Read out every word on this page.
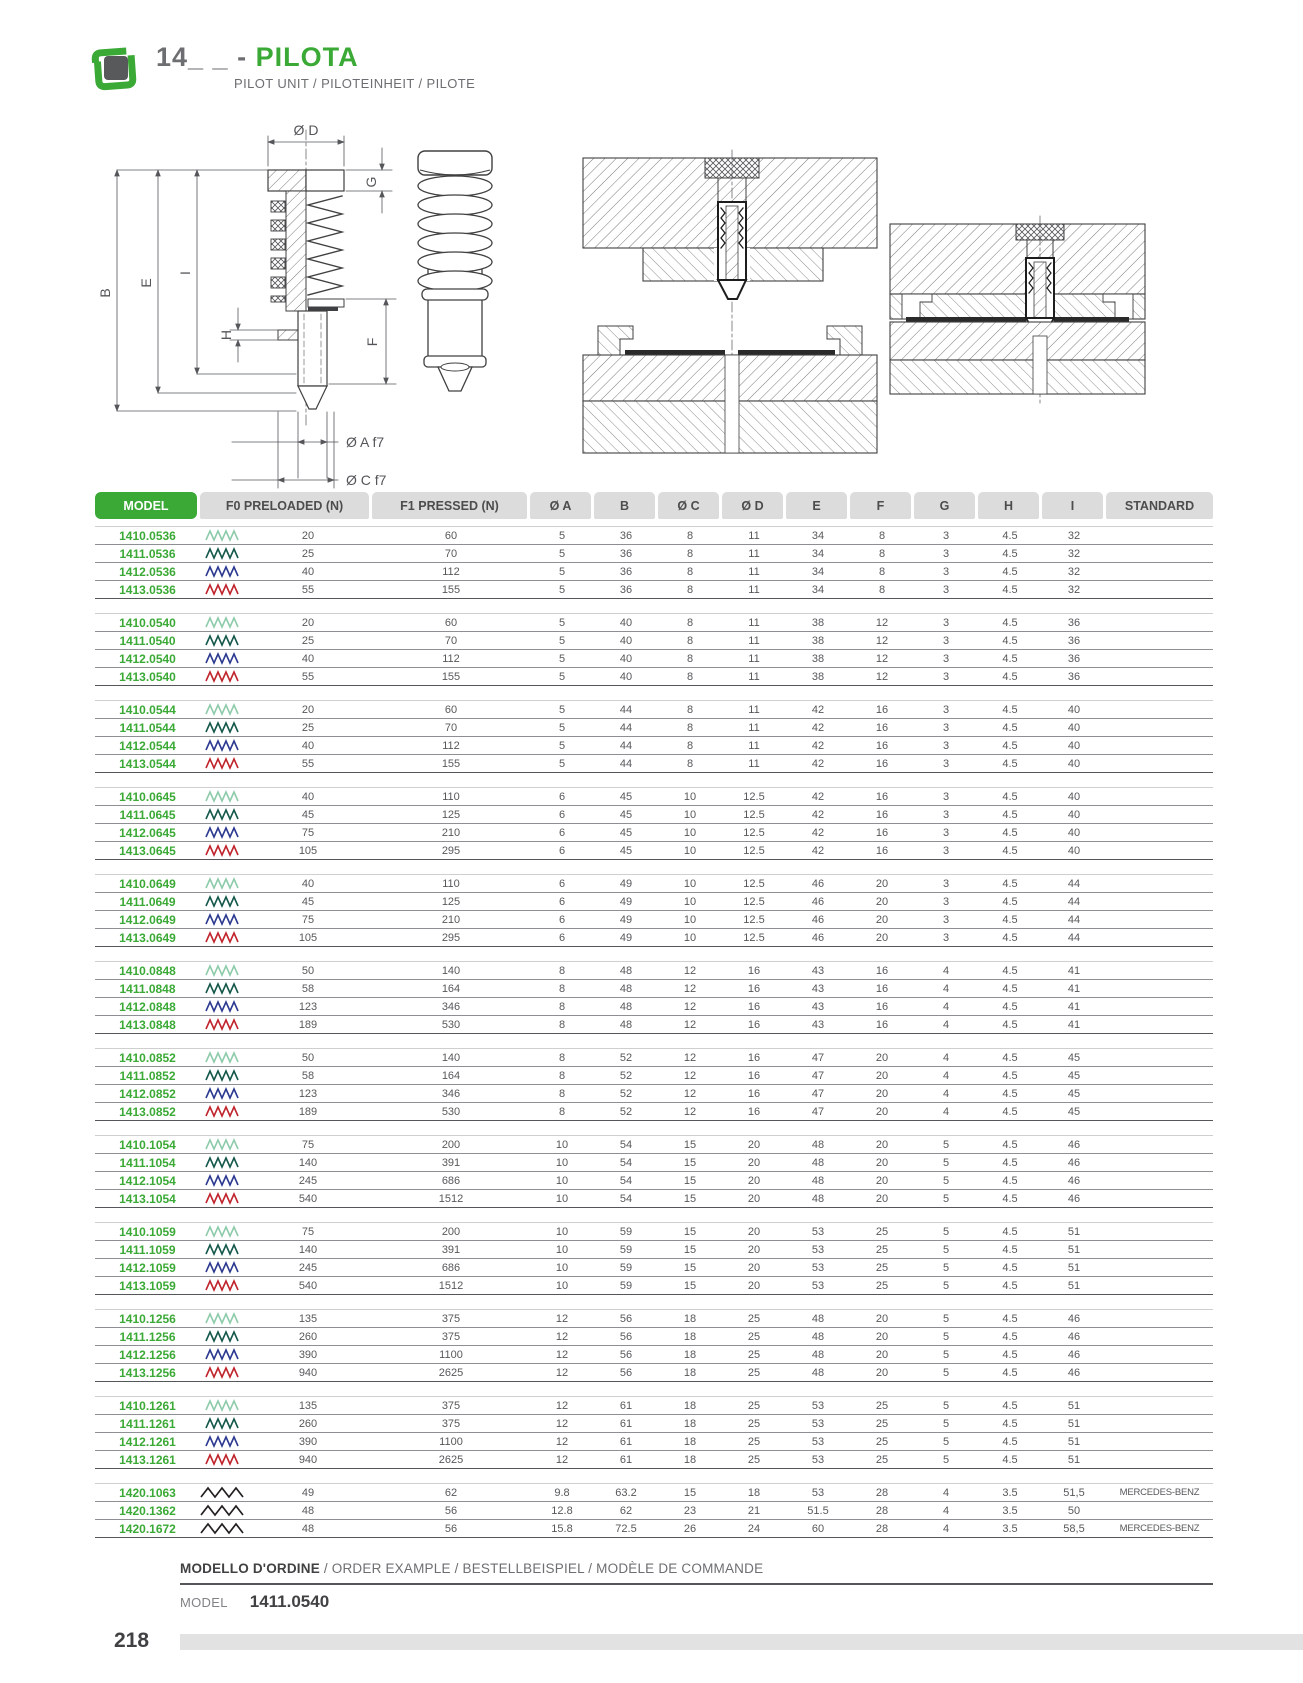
14_ _ - PILOTA
PILOT UNIT / PILOTEINHEIT / PILOTE
Ø D
B
E
I
H
G
F
Ø A f7
Ø C f7
MODEL	F0 PRELOADED (N)	F1 PRESSED (N)	Ø A	B	Ø C	Ø D	E	F	G	H	I	STANDARD
1410.0536	20	60	5	36	8	11	34	8	3	4.5	32
1411.0536	25	70	5	36	8	11	34	8	3	4.5	32
1412.0536	40	112	5	36	8	11	34	8	3	4.5	32
1413.0536	55	155	5	36	8	11	34	8	3	4.5	32
1410.0540	20	60	5	40	8	11	38	12	3	4.5	36
1411.0540	25	70	5	40	8	11	38	12	3	4.5	36
1412.0540	40	112	5	40	8	11	38	12	3	4.5	36
1413.0540	55	155	5	40	8	11	38	12	3	4.5	36
1410.0544	20	60	5	44	8	11	42	16	3	4.5	40
1411.0544	25	70	5	44	8	11	42	16	3	4.5	40
1412.0544	40	112	5	44	8	11	42	16	3	4.5	40
1413.0544	55	155	5	44	8	11	42	16	3	4.5	40
1410.0645	40	110	6	45	10	12.5	42	16	3	4.5	40
1411.0645	45	125	6	45	10	12.5	42	16	3	4.5	40
1412.0645	75	210	6	45	10	12.5	42	16	3	4.5	40
1413.0645	105	295	6	45	10	12.5	42	16	3	4.5	40
1410.0649	40	110	6	49	10	12.5	46	20	3	4.5	44
1411.0649	45	125	6	49	10	12.5	46	20	3	4.5	44
1412.0649	75	210	6	49	10	12.5	46	20	3	4.5	44
1413.0649	105	295	6	49	10	12.5	46	20	3	4.5	44
1410.0848	50	140	8	48	12	16	43	16	4	4.5	41
1411.0848	58	164	8	48	12	16	43	16	4	4.5	41
1412.0848	123	346	8	48	12	16	43	16	4	4.5	41
1413.0848	189	530	8	48	12	16	43	16	4	4.5	41
1410.0852	50	140	8	52	12	16	47	20	4	4.5	45
1411.0852	58	164	8	52	12	16	47	20	4	4.5	45
1412.0852	123	346	8	52	12	16	47	20	4	4.5	45
1413.0852	189	530	8	52	12	16	47	20	4	4.5	45
1410.1054	75	200	10	54	15	20	48	20	5	4.5	46
1411.1054	140	391	10	54	15	20	48	20	5	4.5	46
1412.1054	245	686	10	54	15	20	48	20	5	4.5	46
1413.1054	540	1512	10	54	15	20	48	20	5	4.5	46
1410.1059	75	200	10	59	15	20	53	25	5	4.5	51
1411.1059	140	391	10	59	15	20	53	25	5	4.5	51
1412.1059	245	686	10	59	15	20	53	25	5	4.5	51
1413.1059	540	1512	10	59	15	20	53	25	5	4.5	51
1410.1256	135	375	12	56	18	25	48	20	5	4.5	46
1411.1256	260	375	12	56	18	25	48	20	5	4.5	46
1412.1256	390	1100	12	56	18	25	48	20	5	4.5	46
1413.1256	940	2625	12	56	18	25	48	20	5	4.5	46
1410.1261	135	375	12	61	18	25	53	25	5	4.5	51
1411.1261	260	375	12	61	18	25	53	25	5	4.5	51
1412.1261	390	1100	12	61	18	25	53	25	5	4.5	51
1413.1261	940	2625	12	61	18	25	53	25	5	4.5	51
1420.1063	49	62	9.8	63.2	15	18	53	28	4	3.5	51,5	MERCEDES-BENZ
1420.1362	48	56	12.8	62	23	21	51.5	28	4	3.5	50
1420.1672	48	56	15.8	72.5	26	24	60	28	4	3.5	58,5	MERCEDES-BENZ
MODELLO D'ORDINE / ORDER EXAMPLE / BESTELLBEISPIEL / MODÈLE DE COMMANDE
MODEL 1411.0540
218
